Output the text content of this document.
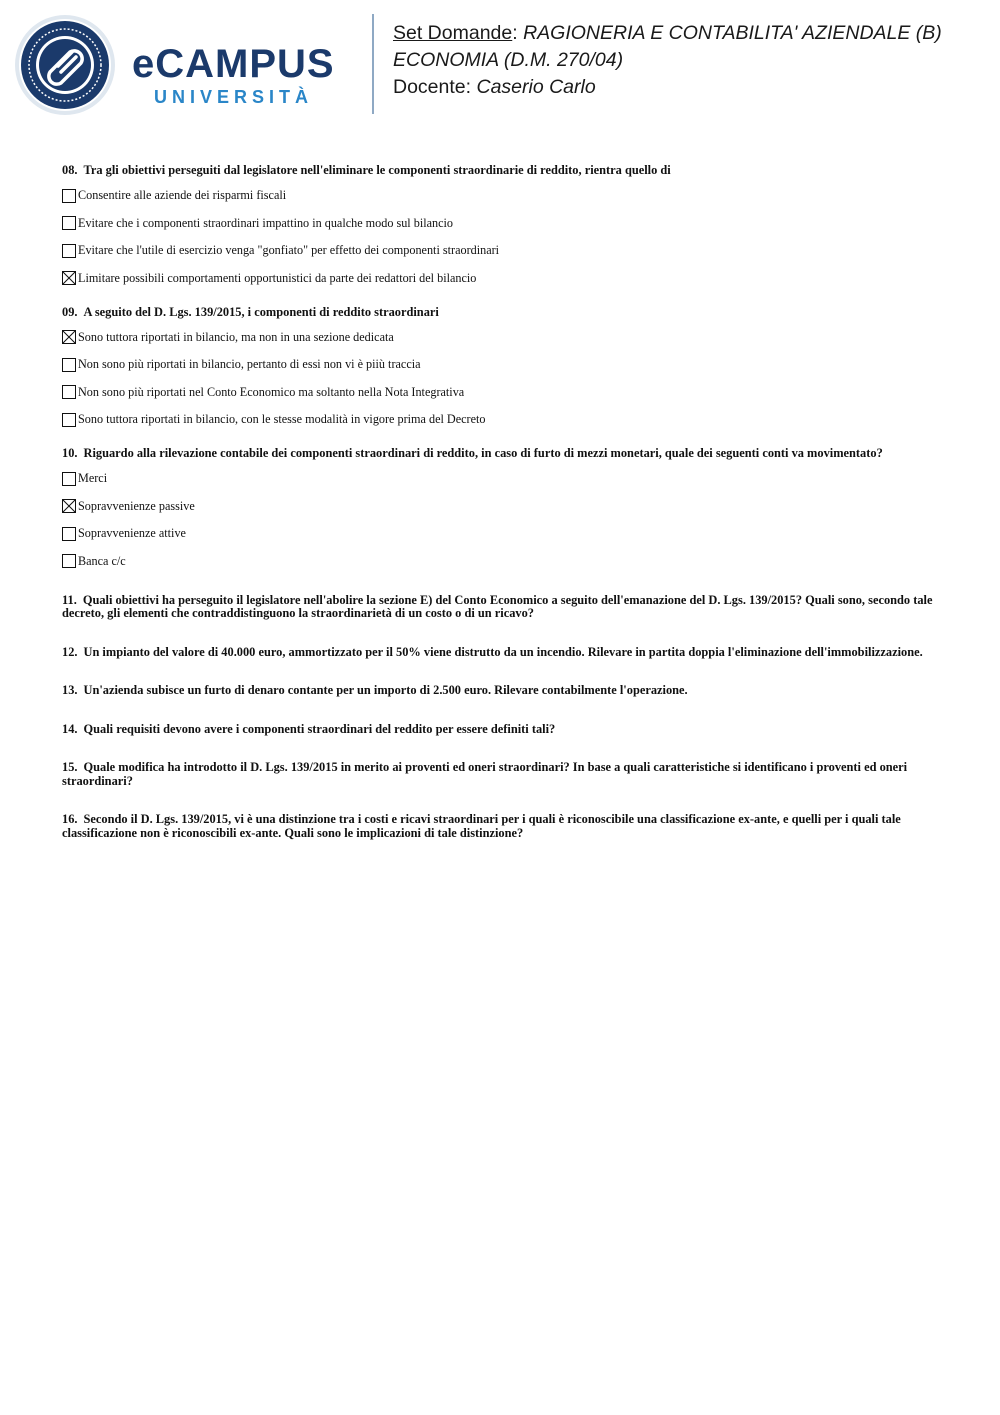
eCAMPUS
UNIVERSITÀ
Set Domande: RAGIONERIA E CONTABILITA' AZIENDALE (B)
ECONOMIA (D.M. 270/04)
Docente: Caserio Carlo
08. Tra gli obiettivi perseguiti dal legislatore nell'eliminare le componenti straordinarie di reddito, rientra quello di
Consentire alle aziende dei risparmi fiscali
Evitare che i componenti straordinari impattino in qualche modo sul bilancio
Evitare che l'utile di esercizio venga "gonfiato" per effetto dei componenti straordinari
Limitare possibili comportamenti opportunistici da parte dei redattori del bilancio
09. A seguito del D. Lgs. 139/2015, i componenti di reddito straordinari
Sono tuttora riportati in bilancio, ma non in una sezione dedicata
Non sono più riportati in bilancio, pertanto di essi non vi è piiù traccia
Non sono più riportati nel Conto Economico ma soltanto nella Nota Integrativa
Sono tuttora riportati in bilancio, con le stesse modalità in vigore prima del Decreto
10. Riguardo alla rilevazione contabile dei componenti straordinari di reddito, in caso di furto di mezzi monetari, quale dei seguenti conti va movimentato?
Merci
Sopravvenienze passive
Sopravvenienze attive
Banca c/c
11. Quali obiettivi ha perseguito il legislatore nell'abolire la sezione E) del Conto Economico a seguito dell'emanazione del D. Lgs. 139/2015? Quali sono, secondo tale decreto, gli elementi che contraddistinguono la straordinarietà di un costo o di un ricavo?
12. Un impianto del valore di 40.000 euro, ammortizzato per il 50% viene distrutto da un incendio. Rilevare in partita doppia l'eliminazione dell'immobilizzazione.
13. Un'azienda subisce un furto di denaro contante per un importo di 2.500 euro. Rilevare contabilmente l'operazione.
14. Quali requisiti devono avere i componenti straordinari del reddito per essere definiti tali?
15. Quale modifica ha introdotto il D. Lgs. 139/2015 in merito ai proventi ed oneri straordinari? In base a quali caratteristiche si identificano i proventi ed oneri straordinari?
16. Secondo il D. Lgs. 139/2015, vi è una distinzione tra i costi e ricavi straordinari per i quali è riconoscibile una classificazione ex-ante, e quelli per i quali tale classificazione non è riconoscibili ex-ante. Quali sono le implicazioni di tale distinzione?
